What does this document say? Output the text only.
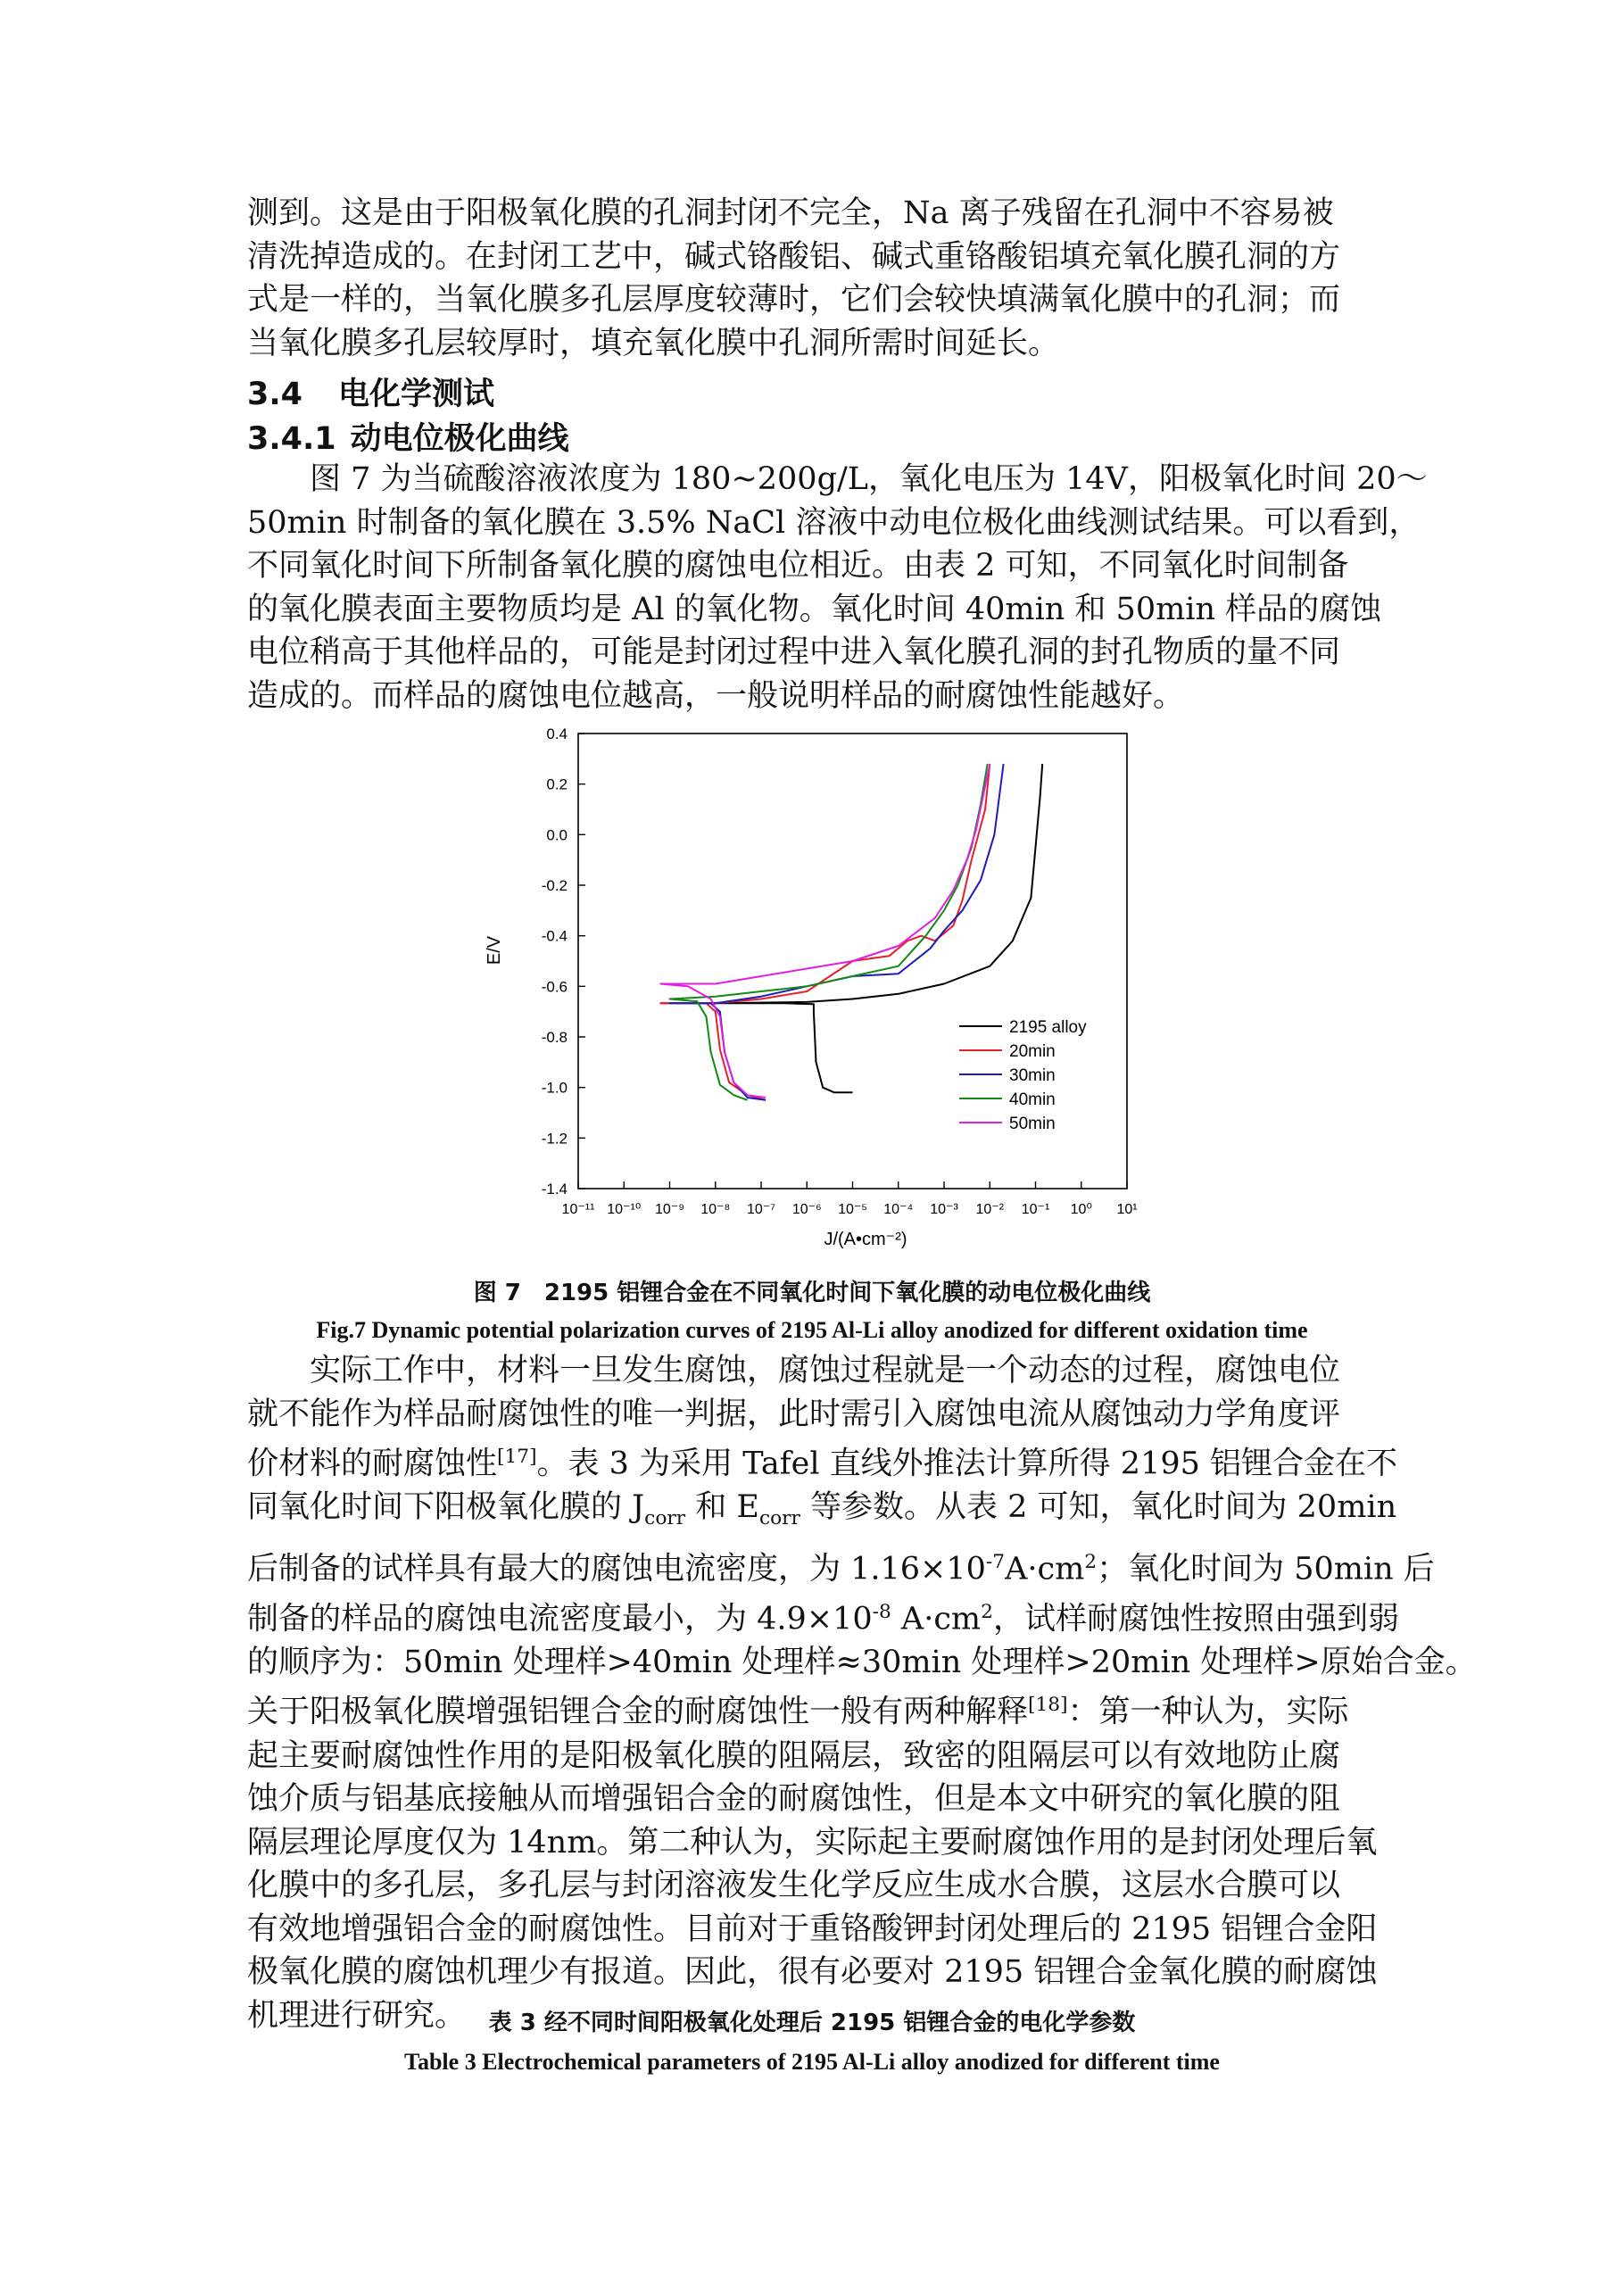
测到。这是由于阳极氧化膜的孔洞封闭不完全，Na 离子残留在孔洞中不容易被
清洗掉造成的。在封闭工艺中，碱式铬酸铝、碱式重铬酸铝填充氧化膜孔洞的方
式是一样的，当氧化膜多孔层厚度较薄时，它们会较快填满氧化膜中的孔洞；而
当氧化膜多孔层较厚时，填充氧化膜中孔洞所需时间延长。

3.4 电化学测试
3.4.1 动电位极化曲线

图 7 为当硫酸溶液浓度为 180~200g/L，氧化电压为 14V，阳极氧化时间 20～
50min 时制备的氧化膜在 3.5% NaCl 溶液中动电位极化曲线测试结果。可以看到，
不同氧化时间下所制备氧化膜的腐蚀电位相近。由表 2 可知，不同氧化时间制备
的氧化膜表面主要物质均是 Al 的氧化物。氧化时间 40min 和 50min 样品的腐蚀
电位稍高于其他样品的，可能是封闭过程中进入氧化膜孔洞的封孔物质的量不同
造成的。而样品的腐蚀电位越高，一般说明样品的耐腐蚀性能越好。

10⁻¹¹ 10⁻¹⁰ 10⁻⁹ 10⁻⁸ 10⁻⁷ 10⁻⁶ 10⁻⁵ 10⁻⁴ 10⁻³ 10⁻² 10⁻¹ 10⁰ 10¹
0.4
0.2
0.0
-0.2
-0.4
-0.6
-0.8
-1.0
-1.2
-1.4
2195 alloy
20min
30min
40min
50min
E/V
J/(A•cm⁻²)

图 7　2195 铝锂合金在不同氧化时间下氧化膜的动电位极化曲线

Fig.7 Dynamic potential polarization curves of 2195 Al-Li alloy anodized for different oxidation time

实际工作中，材料一旦发生腐蚀，腐蚀过程就是一个动态的过程，腐蚀电位
就不能作为样品耐腐蚀性的唯一判据，此时需引入腐蚀电流从腐蚀动力学角度评
价材料的耐腐蚀性[17]。表 3 为采用 Tafel 直线外推法计算所得 2195 铝锂合金在不
同氧化时间下阳极氧化膜的 $J_{corr}$ 和 $E_{corr}$ 等参数。从表 2 可知，氧化时间为 20min
后制备的试样具有最大的腐蚀电流密度，为 $1.16\times 10^{-7}A\cdot cm^2$；氧化时间为 50min 后
制备的样品的腐蚀电流密度最小，为 $4.9\times 10^{-8}$ $A\cdot cm^2$，试样耐腐蚀性按照由强到弱
的顺序为：50min 处理样>40min 处理样≈30min 处理样>20min 处理样>原始合金。
关于阳极氧化膜增强铝锂合金的耐腐蚀性一般有两种解释[18]：第一种认为，实际
起主要耐腐蚀性作用的是阳极氧化膜的阻隔层，致密的阻隔层可以有效地防止腐
蚀介质与铝基底接触从而增强铝合金的耐腐蚀性，但是本文中研究的氧化膜的阻
隔层理论厚度仅为 14nm。第二种认为，实际起主要耐腐蚀作用的是封闭处理后氧
化膜中的多孔层，多孔层与封闭溶液发生化学反应生成水合膜，这层水合膜可以
有效地增强铝合金的耐腐蚀性。目前对于重铬酸钾封闭处理后的 2195 铝锂合金阳
极氧化膜的腐蚀机理少有报道。因此，很有必要对 2195 铝锂合金氧化膜的耐腐蚀
机理进行研究。 表 3 经不同时间阳极氧化处理后 2195 铝锂合金的电化学参数

Table 3 Electrochemical parameters of 2195 Al-Li alloy anodized for different time
